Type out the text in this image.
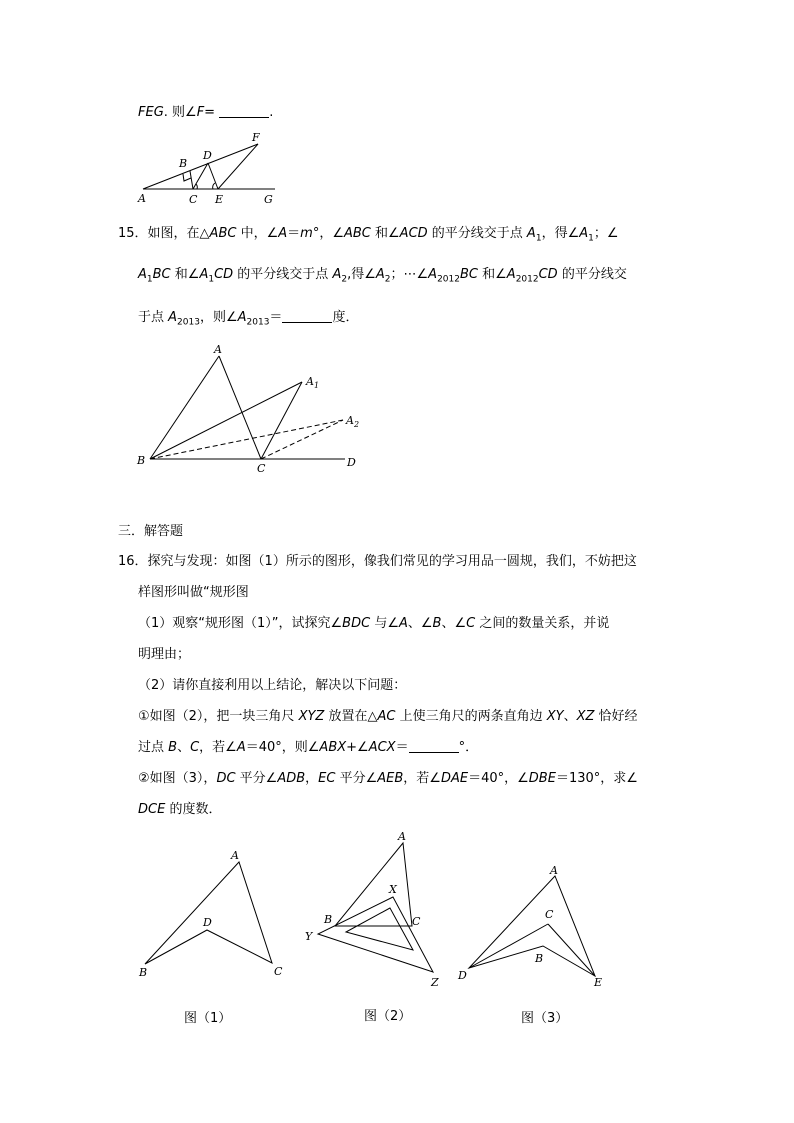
FEG. 则∠F=	.
F
D
B
A	C E	G
15．如图，在△ABC 中，∠A＝m°，∠ABC 和∠ACD 的平分线交于点 $A_1$，得$\angle A_1$；∠
$A_1BC$ 和$\angle A_1CD$ 的平分线交于点 $A_2$,得$\angle A_2$；$\cdots\angle A_{2012}BC$ 和$\angle A_{2012}CD$ 的平分线交
于点 $A_{2013}$，则$\angle A_{2013}=$	度．
A
$A_1$
$A_2$
B
C	D
三．解答题
16．探究与发现：如图（1）所示的图形，像我们常见的学习用品一圆规，我们，不妨把这
样图形叫做“规形图
（1）观察“规形图（1）”，试探究∠BDC 与∠A、∠B、∠C 之间的数量关系，并说
明理由；
（2）请你直接利用以上结论，解决以下问题：
①如图（2），把一块三角尺 XYZ 放置在△AC 上使三角尺的两条直角边 XY、XZ 恰好经
过点 B、C，若∠A＝40°，则∠ABX+∠ACX＝	°．
②如图（3），DC 平分∠ADB，EC 平分∠AEB，若∠DAE＝40°，∠DBE＝130°，求∠
DCE 的度数．
A
B	C
D
图（1）
A
X
B	C
Y
Z
图（2）
A
C
B
D
E
图（3）
